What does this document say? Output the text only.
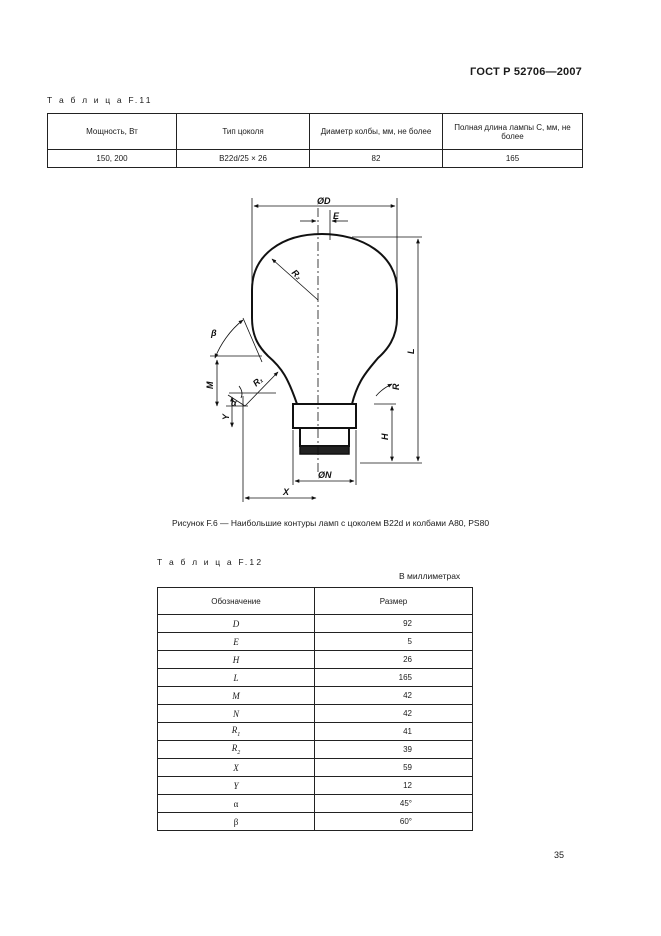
ГОСТ Р 52706—2007
Т а б л и ц а F.11
Мощность, Вт	Тип цоколя	Диаметр колбы, мм, не более	Полная длина лампы C, мм, не более
150, 200	B22d/25 × 26	82	165
ØD
E
R₂
β
M	R₁
α
Y
R
L
H
ØN
X
Рисунок F.6 — Наибольшие контуры ламп с цоколем B22d и колбами A80, PS80
Т а б л и ц а F.12
В миллиметрах
Обозначение	Размер
D	92
E	5
H	26
L	165
M	42
N	42
$R_1$	41
$R_2$	39
X	59
Y	12
α	45°
β	60°
35
